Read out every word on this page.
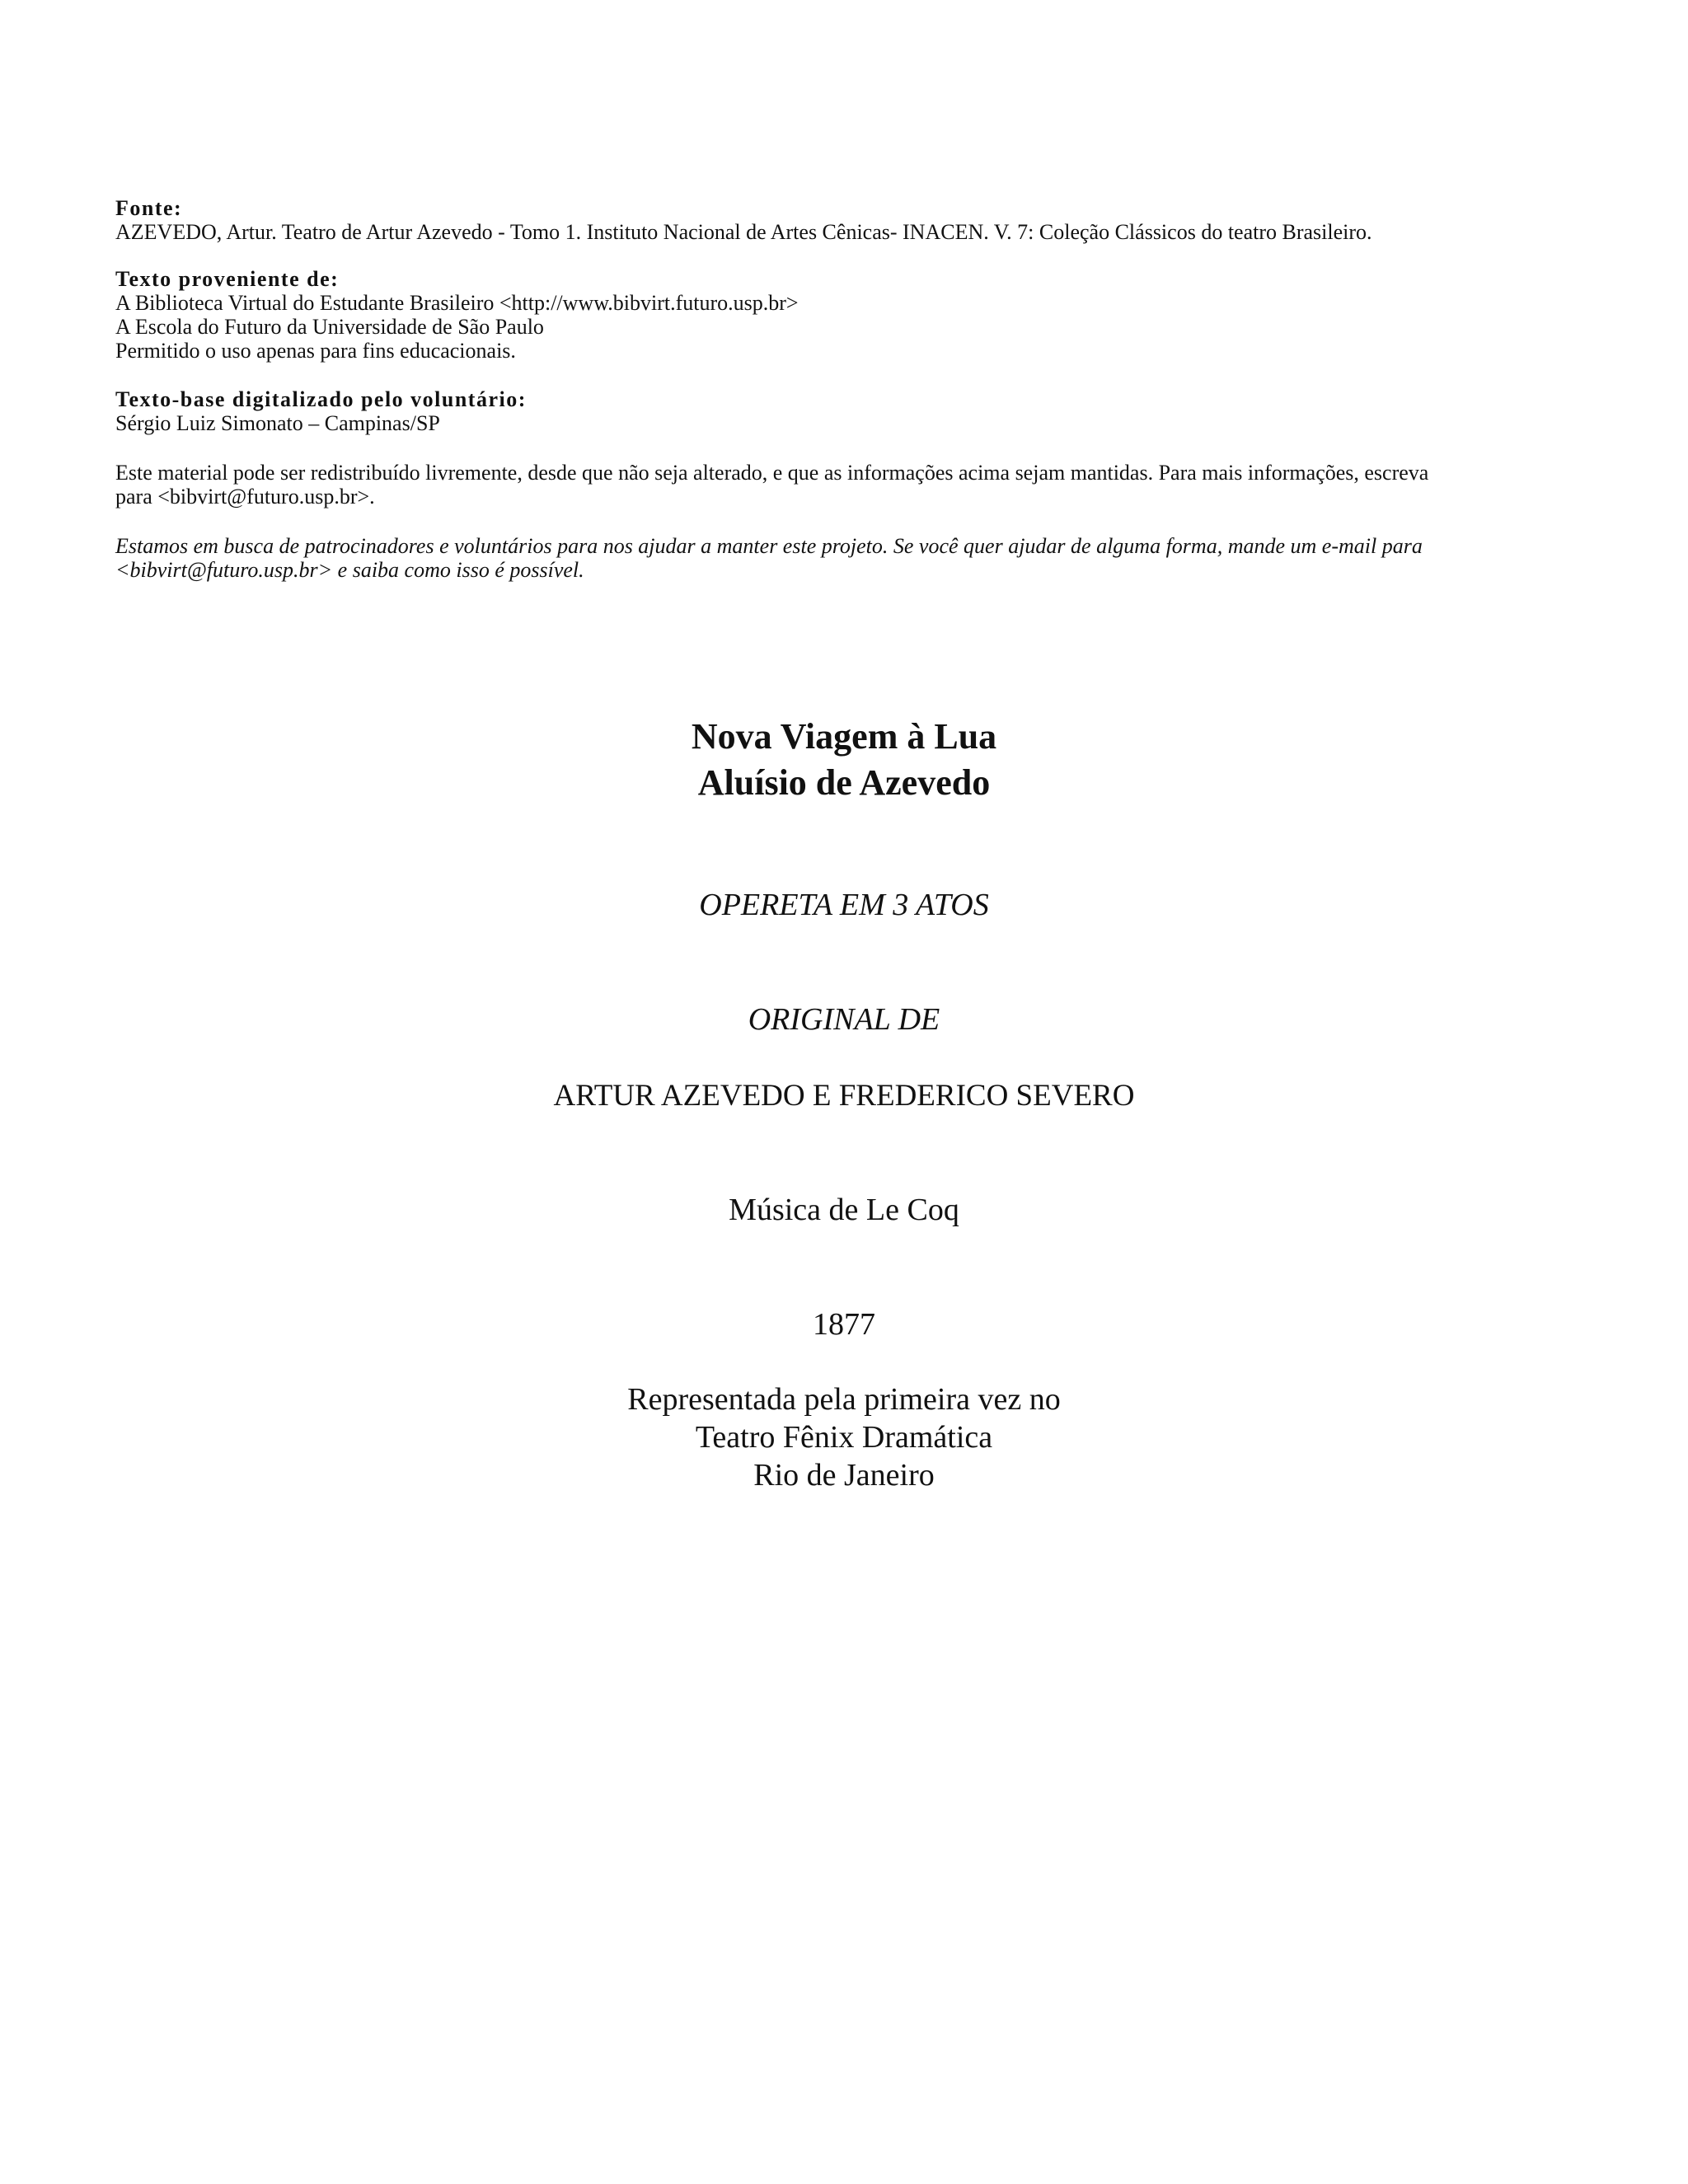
Fonte:
AZEVEDO, Artur. Teatro de Artur Azevedo - Tomo 1. Instituto Nacional de Artes Cênicas- INACEN. V. 7: Coleção Clássicos do teatro Brasileiro.
Texto proveniente de:
A Biblioteca Virtual do Estudante Brasileiro <http://www.bibvirt.futuro.usp.br>
A Escola do Futuro da Universidade de São Paulo
Permitido o uso apenas para fins educacionais.
Texto-base digitalizado pelo voluntário:
Sérgio Luiz Simonato – Campinas/SP
Este material pode ser redistribuído livremente, desde que não seja alterado, e que as informações acima sejam mantidas. Para mais informações, escreva para <bibvirt@futuro.usp.br>.
Estamos em busca de patrocinadores e voluntários para nos ajudar a manter este projeto. Se você quer ajudar de alguma forma, mande um e-mail para <bibvirt@futuro.usp.br> e saiba como isso é possível.
Nova Viagem à Lua
Aluísio de Azevedo
OPERETA EM 3 ATOS
ORIGINAL DE
ARTUR AZEVEDO E FREDERICO SEVERO
Música de Le Coq
1877
Representada pela primeira vez no
Teatro Fênix Dramática
Rio de Janeiro
